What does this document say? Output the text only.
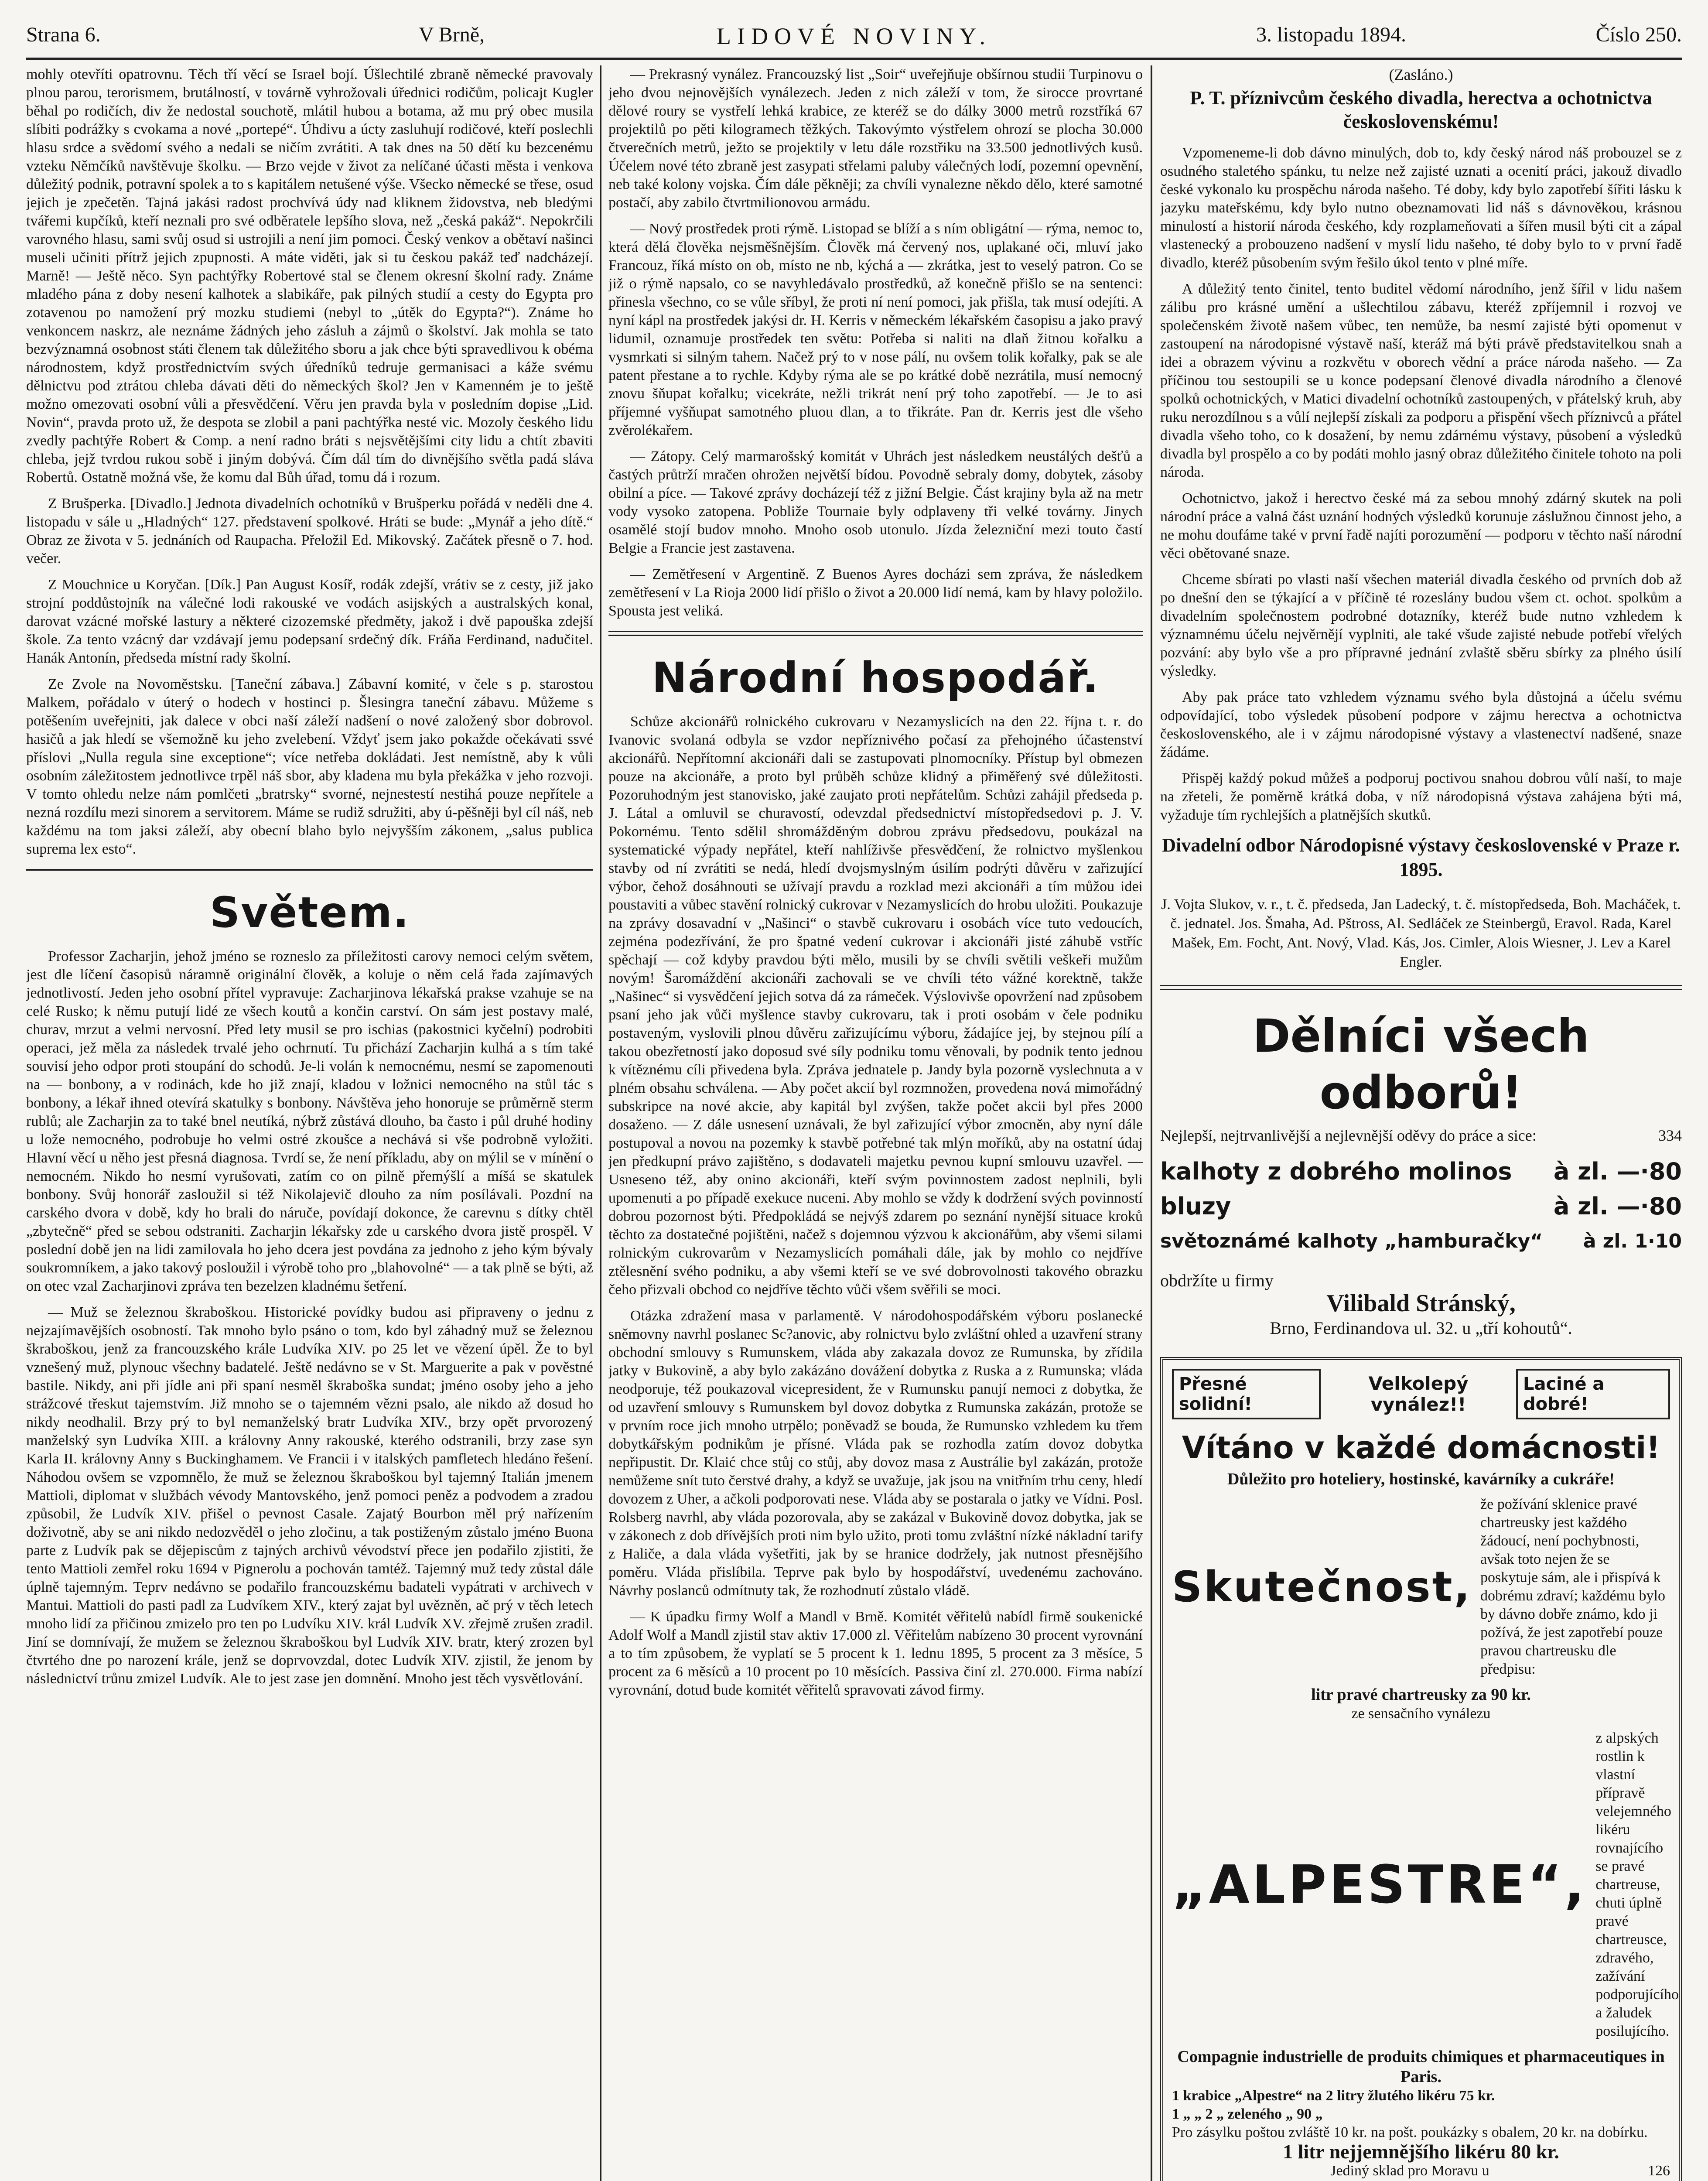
Strana 6.	V Brně,	LIDOVÉ NOVINY.	3. listopadu 1894.	Číslo 250.

mohly otevříti opatrovnu. Těch tří věcí se Israel bojí. Úšlechtilé zbraně německé pravovaly plnou parou, terorismem, brutálností, v továrně vyhrožovali úřednici rodičům, policajt Kugler běhal po rodičích, div že nedostal souchotě, mlátil hubou a botama, až mu prý obec musila slíbiti podrážky s cvokama a nové „portepé“. Úhdivu a úcty zasluhují rodičové, kteří poslechli hlasu srdce a svědomí svého a nedali se ničím zvrátiti. A tak dnes na 50 dětí ku bezcenému vzteku Němčíků navštěvuje školku. — Brzo vejde v život za nelíčané účasti města i venkova důležitý podnik, potravní spolek a to s kapitálem netušené výše. Všecko německé se třese, osud jejich je zpečetěn. Tajná jakási radost prochvívá údy nad kliknem židovstva, neb bledými tvářemi kupčíků, kteří neznali pro své odběratele lepšího slova, než „česká pakáž“. Nepokrčili varovného hlasu, sami svůj osud si ustrojili a není jim pomoci. Český venkov a obětaví našinci museli učiniti přítrž jejich zpupnosti. A máte viděti, jak si tu českou pakáž teď nadcházejí. Marně! — Ještě něco. Syn pachtýřky Robertové stal se členem okresní školní rady. Známe mladého pána z doby nesení kalhotek a slabikáře, pak pilných studií a cesty do Egypta pro zotavenou po namožení prý mozku studiemi (nebyl to „útěk do Egypta?“). Známe ho venkoncem naskrz, ale neznáme žádných jeho zásluh a zájmů o školství. Jak mohla se tato bezvýznamná osobnost státi členem tak důležitého sboru a jak chce býti spravedlivou k obéma národnostem, když prostřednictvím svých úředníků tedruje germanisaci a káže svému dělnictvu pod ztrátou chleba dávati děti do německých škol? Jen v Kamenném je to ještě možno omezovati osobní vůli a přesvědčení. Věru jen pravda byla v posledním dopise „Lid. Novin“, pravda proto už, že despota se zlobil a pani pachtýřka nesté vic. Mozoly českého lidu zvedly pachtýře Robert & Comp. a není radno bráti s nejsvětějšími city lidu a chtít zbaviti chleba, jejž tvrdou rukou sobě i jiným dobývá. Čím dál tím do divnějšího světla padá sláva Robertů. Ostatně možná vše, že komu dal Bůh úřad, tomu dá i rozum.

Z Brušperka. [Divadlo.] Jednota divadelních ochotníků v Brušperku pořádá v neděli dne 4. listopadu v sále u „Hladných“ 127. představení spolkové. Hráti se bude: „Mynář a jeho dítě.“ Obraz ze života v 5. jednáních od Raupacha. Přeložil Ed. Mikovský. Začátek přesně o 7. hod. večer.

Z Mouchnice u Koryčan. [Dík.] Pan August Kosíř, rodák zdejší, vrátiv se z cesty, již jako strojní poddůstojník na válečné lodi rakouské ve vodách asijských a australských konal, darovat vzácné mořské lastury a některé cizozemské předměty, jakož i dvě papouška zdejší škole. Za tento vzácný dar vzdávají jemu podepsaní srdečný dík. Fráňa Ferdinand, nadučitel. Hanák Antonín, předseda místní rady školní.

Ze Zvole na Novoměstsku. [Taneční zábava.] Zábavní komité, v čele s p. starostou Malkem, pořádalo v úterý o hodech v hostinci p. Šlesingra taneční zábavu. Můžeme s potěšením uveřejniti, jak dalece v obci naší záleží nadšení o nové založený sbor dobrovol. hasičů a jak hledí se všemožně ku jeho zvelebení. Vždyť jsem jako pokažde očekávati ssvé příslovi „Nulla regula sine exceptione“; více netřeba dokládati. Jest nemístně, aby k vůli osobním záležitostem jednotlivce trpěl náš sbor, aby kladena mu byla překážka v jeho rozvoji. V tomto ohledu nelze nám pomlčeti „bratrsky“ svorné, nejnestestí nestihá pouze nepřítele a nezná rozdílu mezi sinorem a servitorem. Máme se rudiž sdružiti, aby ú-pěšněji byl cíl náš, neb každému na tom jaksi záleží, aby obecní blaho bylo nejvyšším zákonem, „salus publica suprema lex esto“.

Světem.

Professor Zacharjin, jehož jméno se rozneslo za příležitosti carovy nemoci celým světem, jest dle líčení časopisů náramně originální člověk, a koluje o něm celá řada zajímavých jednotlivostí. Jeden jeho osobní přítel vypravuje: Zacharjinova lékařská prakse vzahuje se na celé Rusko; k němu putují lidé ze všech koutů a končin carství. On sám jest postavy malé, churav, mrzut a velmi nervosní. Před lety musil se pro ischias (pakostnici kyčelní) podrobiti operaci, jež měla za následek trvalé jeho ochrnutí. Tu přichází Zacharjin kulhá a s tím také souvisí jeho odpor proti stoupání do schodů. Je-li volán k nemocnému, nesmí se zapomenouti na — bonbony, a v rodinách, kde ho již znají, kladou v ložnici nemocného na stůl tác s bonbony, a lékař ihned otevírá skatulky s bonbony. Návštěva jeho honoruje se průměrně sterm rublů; ale Zacharjin za to také bnel neutíká, nýbrž zůstává dlouho, ba často i půl druhé hodiny u lože nemocného, podrobuje ho velmi ostré zkoušce a nechává si vše podrobně vyložiti. Hlavní věcí u něho jest přesná diagnosa. Tvrdí se, že není příkladu, aby on mýlil se v mínění o nemocném. Nikdo ho nesmí vyrušovati, zatím co on pilně přemýšlí a míšá se skatulek bonbony. Svůj honorář zasloužil si též Nikolajevič dlouho za ním posílávali. Pozdní na carského dvora v době, kdy ho brali do náruče, povídají dokonce, že carevnu s dítky chtěl „zbytečně“ před se sebou odstraniti. Zacharjin lékařsky zde u carského dvora jistě prospěl. V poslední době jen na lidi zamilovala ho jeho dcera jest povdána za jednoho z jeho kým bývaly soukromníkem, a jako takový posloužil i výrobě toho pro „blahovolné“ — a tak plně se býti, až on otec vzal Zacharjinovi zpráva ten bezelzen kladnému šetření.

— Muž se železnou škraboškou. Historické povídky budou asi připraveny o jednu z nejzajímavějších osobností. Tak mnoho bylo psáno o tom, kdo byl záhadný muž se železnou škraboškou, jenž za francouzského krále Ludvíka XIV. po 25 let ve vězení úpěl. Že to byl vznešený muž, plynouc všechny badatelé. Ještě nedávno se v St. Marguerite a pak v pověstné bastile. Nikdy, ani při jídle ani při spaní nesměl škraboška sundat; jméno osoby jeho a jeho strážcové třeskut tajemstvím. Již mnoho se o tajemném vězni psalo, ale nikdo až dosud ho nikdy neodhalil. Brzy prý to byl nemanželský bratr Ludvíka XIV., brzy opět prvorozený manželský syn Ludvíka XIII. a královny Anny rakouské, kterého odstranili, brzy zase syn Karla II. královny Anny s Buckinghamem. Ve Francii i v italských pamfletech hledáno řešení. Náhodou ovšem se vzpomnělo, že muž se železnou škraboškou byl tajemný Italián jmenem Mattioli, diplomat v službách vévody Mantovského, jenž pomoci peněz a podvodem a zradou způsobil, že Ludvík XIV. přišel o pevnost Casale. Zajatý Bourbon měl prý nařízením doživotně, aby se ani nikdo nedozvěděl o jeho zločinu, a tak postiženým zůstalo jméno Buona parte z Ludvík pak se dějepiscům z tajných archivů vévodství přece jen podařilo zjistiti, že tento Mattioli zemřel roku 1694 v Pignerolu a pochován tamtéž. Tajemný muž tedy zůstal dále úplně tajemným. Teprv nedávno se podařilo francouzskému badateli vypátrati v archivech v Mantui. Mattioli do pasti padl za Ludvíkem XIV., který zajat byl uvězněn, ač prý v těch letech mnoho lidí za přičinou zmizelo pro ten po Ludvíku XIV. král Ludvík XV. zřejmě zrušen zradil. Jiní se domnívají, že mužem se železnou škraboškou byl Ludvík XIV. bratr, který zrozen byl čtvrtého dne po narození krále, jenž se doprvovzdal, dotec Ludvík XIV. zjistil, že jenom by následnictví trůnu zmizel Ludvík. Ale to jest zase jen domnění. Mnoho jest těch vysvětlování.

— Prekrasný vynález. Francouzský list „Soir“ uveřejňuje obšírnou studii Turpinovu o jeho dvou nejnovějších vynálezech. Jeden z nich záleží v tom, že sirocce provrtané dělové roury se vystřelí lehká krabice, ze kteréž se do dálky 3000 metrů rozstříká 67 projektilů po pěti kilogramech těžkých. Takovýmto výstřelem ohrozí se plocha 30.000 čtverečních metrů, ježto se projektily v letu dále rozstřiku na 33.500 jednotlivých kusů. Účelem nové této zbraně jest zasypati střelami paluby válečných lodí, pozemní opevnění, neb také kolony vojska. Čím dále pěkněji; za chvíli vynalezne někdo dělo, které samotné postačí, aby zabilo čtvrtmilionovou armádu.

— Nový prostředek proti rýmě. Listopad se blíží a s ním obligátní — rýma, nemoc to, která dělá člověka nejsměšnějším. Člověk má červený nos, uplakané oči, mluví jako Francouz, říká místo on ob, místo ne nb, kýchá a — zkrátka, jest to veselý patron. Co se již o rýmě napsalo, co se navyhledávalo prostředků, až konečně přišlo se na sentenci: přinesla všechno, co se vůle sříbyl, že proti ní není pomoci, jak přišla, tak musí odejíti. A nyní kápl na prostředek jakýsi dr. H. Kerris v německém lékařském časopisu a jako pravý lidumil, oznamuje prostředek ten světu: Potřeba si naliti na dlaň žitnou kořalku a vysmrkati si silným tahem. Načež prý to v nose pálí, nu ovšem tolik kořalky, pak se ale patent přestane a to rychle. Kdyby rýma ale se po krátké době nezrátila, musí nemocný znovu šňupat kořalku; vicekráte, nežli trikrát není prý toho zapotřebí. — Je to asi příjemné vyšňupat samotného pluou dlan, a to třikráte. Pan dr. Kerris jest dle všeho zvěrolékařem.

— Zátopy. Celý marmarošský komitát v Uhrách jest následkem neustálých dešťů a častých průtrží mračen ohrožen největší bídou. Povodně sebraly domy, dobytek, zásoby obilní a píce. — Takové zprávy docházejí též z jižní Belgie. Část krajiny byla až na metr vody vysoko zatopena. Pobliže Tournaie byly odplaveny tři velké továrny. Jinych osamělé stojí budov mnoho. Mnoho osob utonulo. Jízda železniční mezi touto častí Belgie a Francie jest zastavena.

— Zemětřesení v Argentině. Z Buenos Ayres docházi sem zpráva, že následkem zemětřesení v La Rioja 2000 lidí přišlo o život a 20.000 lidí nemá, kam by hlavy položilo. Spousta jest veliká.

Národní hospodář.

Schůze akcionářů rolnického cukrovaru v Nezamyslicích na den 22. října t. r. do Ivanovic svolaná odbyla se vzdor nepříznivého počasí za přehojného účastenství akcionářů. Nepřítomní akcionáři dali se zastupovati plnomocníky. Přístup byl obmezen pouze na akcionáře, a proto byl průběh schůze klidný a přiměřený své důležitosti. Pozoruhodným jest stanovisko, jaké zaujato proti nepřátelům. Schůzi zahájil předseda p. J. Látal a omluvil se churavostí, odevzdal předsednictví místopředsedovi p. J. V. Pokornému. Tento sdělil shromážděným dobrou zprávu předsedovu, poukázal na systematické výpady nepřátel, kteří nahlíživše přesvědčení, že rolnictvo myšlenkou stavby od ní zvrátiti se nedá, hledí dvojsmyslným úsilím podrýti důvěru v zařizující výbor, čehož dosáhnouti se užívají pravdu a rozklad mezi akcionáři a tím můžou idei poustaviti a vůbec stavění rolnický cukrovar v Nezamyslicích do hrobu uložiti. Poukazuje na zprávy dosavadní v „Našinci“ o stavbě cukrovaru i osobách více tuto vedoucích, zejména podezřívání, že pro špatné vedení cukrovar i akcionáři jisté záhubě vstříc spěchají — což kdyby pravdou býti mělo, musili by se chvíli světili veškeři mužům novým! Šaromáždění akcionáři zachovali se ve chvíli této vážné korektně, takže „Našinec“ si vysvědčení jejich sotva dá za rámeček. Výslovivše opovržení nad způsobem psaní jeho jak vůči myšlence stavby cukrovaru, tak i proti osobám v čele podniku postaveným, vyslovili plnou důvěru zařizujícímu výboru, žádajíce jej, by stejnou pílí a takou obezřetností jako doposud své síly podniku tomu věnovali, by podnik tento jednou k vítěznému cíli přivedena byla. Zpráva jednatele p. Jandy byla pozorně vyslechnuta a v plném obsahu schválena. — Aby počet akcií byl rozmnožen, provedena nová mimořádný subskripce na nové akcie, aby kapitál byl zvýšen, takže počet akcii byl přes 2000 dosaženo. — Z dále usnesení uznávali, že byl zařizující výbor zmocněn, aby nyní dále postupoval a novou na pozemky k stavbě potřebné tak mlýn moříků, aby na ostatní údaj jen předkupní právo zajištěno, s dodavateli majetku pevnou kupní smlouvu uzavřel. — Usneseno též, aby onino akcionáři, kteří svým povinnostem zadost neplnili, byli upomenuti a po případě exekuce nuceni. Aby mohlo se vždy k dodržení svých povinností dobrou pozornost býti. Předpokládá se nejvýš zdarem po seznání nynější situace kroků těchto za dostatečné pojištěni, načež s dojemnou výzvou k akcionářům, aby všemi silami rolnickým cukrovarům v Nezamyslicích pomáhali dále, jak by mohlo co nejdříve ztělesnění svého podniku, a aby všemi kteří se ve své dobrovolnosti takového obrazku čeho přizvali obchod co nejdříve těchto vůči všem svěřili se moci.

Otázka zdražení masa v parlamentě. V národohospodářském výboru poslanecké sněmovny navrhl poslanec Sc?anovic, aby rolnictvu bylo zvláštní ohled a uzavření strany obchodní smlouvy s Rumunskem, vláda aby zakazala dovoz ze Rumunska, by zřídila jatky v Bukovině, a aby bylo zakázáno dovážení dobytka z Ruska a z Rumunska; vláda neodporuje, též poukazoval vicepresident, že v Rumunsku panují nemoci z dobytka, že od uzavření smlouvy s Rumunskem byl dovoz dobytka z Rumunska zakázán, protože se v prvním roce jich mnoho utrpělo; poněvadž se bouda, že Rumunsko vzhledem ku třem dobytkářským podnikům je přísné. Vláda pak se rozhodla zatím dovoz dobytka nepřipustit. Dr. Klaić chce stůj co stůj, aby dovoz masa z Austrálie byl zakázán, protože nemůžeme snít tuto čerstvé drahy, a když se uvažuje, jak jsou na vnitřním trhu ceny, hledí dovozem z Uher, a ačkoli podporovati nese. Vláda aby se postarala o jatky ve Vídni. Posl. Rolsberg navrhl, aby vláda pozorovala, aby se zakázal v Bukovině dovoz dobytka, jak se v zákonech z dob dřívějších proti nim bylo užito, proti tomu zvláštní nízké nákladní tarify z Haliče, a dala vláda vyšetřiti, jak by se hranice dodržely, jak nutnost přesnějšího poměru. Vláda přislíbila. Teprve pak bylo by hospodářství, uvedenému zachováno. Návrhy poslanců odmítnuty tak, že rozhodnutí zůstalo vládě.

— K úpadku firmy Wolf a Mandl v Brně. Komitét věřitelů nabídl firmě soukenické Adolf Wolf a Mandl zjistil stav aktiv 17.000 zl. Věřitelům nabízeno 30 procent vyrovnání a to tím způsobem, že vyplatí se 5 procent k 1. lednu 1895, 5 procent za 3 měsíce, 5 procent za 6 měsíců a 10 procent po 10 měsících. Passiva činí zl. 270.000. Firma nabízí vyrovnání, dotud bude komitét věřitelů spravovati závod firmy.

(Zasláno.)
P. T. příznivcům českého divadla, herectva a ochotnictva československému!

Vzpomeneme-li dob dávno minulých, dob to, kdy český národ náš probouzel se z osudného staletého spánku, tu nelze než zajisté uznati a ocenití práci, jakouž divadlo české vykonalo ku prospěchu národa našeho. Té doby, kdy bylo zapotřebí šířiti lásku k jazyku mateřskému, kdy bylo nutno obeznamovati lid náš s dávnověkou, krásnou minulostí a historií národa českého, kdy rozplameňovati a šířen musil býti cit a zápal vlastenecký a probouzeno nadšení v myslí lidu našeho, té doby bylo to v první řadě divadlo, kteréž působením svým řešilo úkol tento v plné míře.

A důležitý tento činitel, tento buditel vědomí národního, jenž šířil v lidu našem zálibu pro krásné umění a ušlechtilou zábavu, kteréž zpříjemnil i rozvoj ve společenském životě našem vůbec, ten nemůže, ba nesmí zajisté býti opomenut v zastoupení na národopisné výstavě naší, kteráž má býti právě představitelkou snah a idei a obrazem vývinu a rozkvětu v oborech vědní a práce národa našeho. — Za příčinou tou sestoupili se u konce podepsaní členové divadla národního a členové spolků ochotnických, v Matici divadelní ochotníků zastoupených, v přátelský kruh, aby ruku nerozdílnou s a vůlí nejlepší získali za podporu a přispění všech příznivců a přátel divadla všeho toho, co k dosažení, by nemu zdárnému výstavy, působení a výsledků divadla byl prospělo a co by podáti mohlo jasný obraz důležitého činitele tohoto na poli národa.

Ochotnictvo, jakož i herectvo české má za sebou mnohý zdárný skutek na poli národní práce a valná část uznání hodných výsledků korunuje záslužnou činnost jeho, a ne mohu doufáme také v první řadě najíti porozumění — podporu v těchto naší národní věci obětované snaze.

Chceme sbírati po vlasti naší všechen materiál divadla českého od prvních dob až po dnešní den se týkající a v příčině té rozeslány budou všem ct. ochot. spolkům a divadelním společnostem podrobné dotazníky, kteréž bude nutno vzhledem k významnému účelu nejvěrnějí vyplniti, ale také všude zajisté nebude potřebí vřelých pozvání: aby bylo vše a pro přípravné jednání zvlaště sběru sbírky za plného úsilí výsledky.

Aby pak práce tato vzhledem významu svého byla důstojná a účelu svému odpovídající, tobo výsledek působení podpore v zájmu herectva a ochotnictva československého, ale i v zájmu národopisné výstavy a vlastenectví nadšené, snaze žádáme.

Přispěj každý pokud můžeš a podporuj poctivou snahou dobrou vůlí naší, to maje na zřeteli, že poměrně krátká doba, v níž národopisná výstava zahájena býti má, vyžaduje tím rychlejších a platnějších skutků.

Divadelní odbor Národopisné výstavy československé v Praze r. 1895.
J. Vojta Slukov, v. r., t. č. předseda, Jan Ladecký, t. č. místopředseda, Boh. Macháček, t. č. jednatel. Jos. Šmaha, Ad. Pštross, Al. Sedláček ze Steinbergů, Eravol. Rada, Karel Mašek, Em. Focht, Ant. Nový, Vlad. Kás, Jos. Cimler, Alois Wiesner, J. Lev a Karel Engler.
Dělníci všech odborů!
Nejlepší, nejtrvanlivější a nejlevnější oděvy do práce a sice:	334
kalhoty z dobrého molinos à zl. —·80
bluzy	à zl. —·80
světoznámé kalhoty „hamburačky“ à zl. 1·10
obdržíte u firmy
Vilibald Stránský,
Brno, Ferdinandova ul. 32. u „tří kohoutů“.
Přesné solidní!
Velkolepý vynález!!
Laciné a dobré!
Vítáno v každé domácnosti!
Důležito pro hoteliery, hostinské, kavárníky a cukráře!
Skutečnost,
že požívání sklenice pravé chartreusky jest každého žádoucí, není pochybnosti, avšak toto nejen že se poskytuje sám, ale i přispívá k dobrému zdraví; každému bylo by dávno dobře známo, kdo ji požívá, že jest zapotřebí pouze pravou chartreusku dle předpisu:
litr pravé chartreusky za 90 kr.
ze sensačního vynálezu
„ALPESTRE“,
z alpských rostlin k vlastní přípravě velejemného likéru rovnajícího se pravé chartreuse, chuti úplně pravé chartreusce, zdravého, zažívání podporujícího a žaludek posilujícího.
Compagnie industrielle de produits chimiques et pharmaceutiques in Paris.
1 krabice „Alpestre“ na 2 litry žlutého likéru 75 kr.
1 „ „ 2 „ zeleného „ 90 „
Pro zásylku poštou zvláště 10 kr. na pošt. poukázky s obalem, 20 kr. na dobírku.
1 litr nejjemnějšího likéru 80 kr.
Jediný sklad pro Moravu u	126
